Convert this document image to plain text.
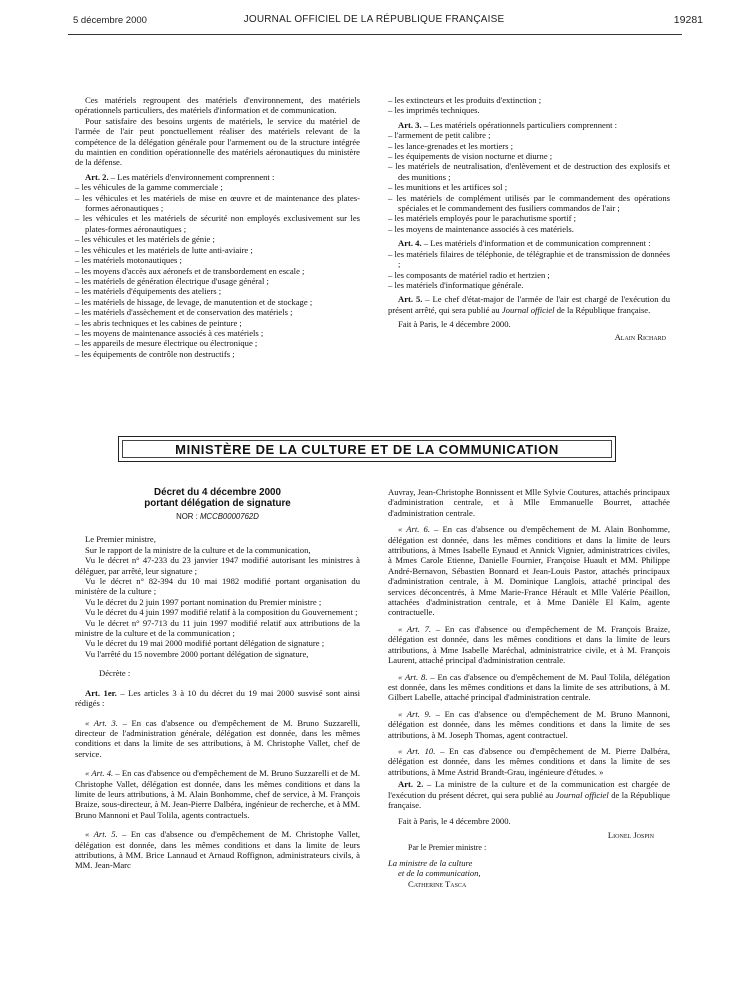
5 décembre 2000	JOURNAL OFFICIEL DE LA RÉPUBLIQUE FRANÇAISE	19281

Ces matériels regroupent des matériels d'environnement, des matériels opérationnels particuliers, des matériels d'information et de communication.

Pour satisfaire des besoins urgents de matériels, le service du matériel de l'armée de l'air peut ponctuellement réaliser des matériels relevant de la compétence de la délégation générale pour l'armement ou de la structure intégrée du maintien en condition opérationnelle des matériels aéronautiques du ministère de la défense.

Art. 2. – Les matériels d'environnement comprennent :

– les véhicules de la gamme commerciale ;

– les véhicules et les matériels de mise en œuvre et de maintenance des plates-formes aéronautiques ;

– les véhicules et les matériels de sécurité non employés exclusivement sur les plates-formes aéronautiques ;

– les véhicules et les matériels de génie ;

– les véhicules et les matériels de lutte anti-aviaire ;

– les matériels motonautiques ;

– les moyens d'accès aux aéronefs et de transbordement en escale ;

– les matériels de génération électrique d'usage général ;

– les matériels d'équipements des ateliers ;

– les matériels de hissage, de levage, de manutention et de stockage ;

– les matériels d'assèchement et de conservation des matériels ;

– les abris techniques et les cabines de peinture ;

– les moyens de maintenance associés à ces matériels ;

– les appareils de mesure électrique ou électronique ;

– les équipements de contrôle non destructifs ;

– les extincteurs et les produits d'extinction ;

– les imprimés techniques.

Art. 3. – Les matériels opérationnels particuliers comprennent :

– l'armement de petit calibre ;

– les lance-grenades et les mortiers ;

– les équipements de vision nocturne et diurne ;

– les matériels de neutralisation, d'enlèvement et de destruction des explosifs et des munitions ;

– les munitions et les artifices sol ;

– les matériels de complément utilisés par le commandement des opérations spéciales et le commandement des fusiliers commandos de l'air ;

– les matériels employés pour le parachutisme sportif ;

– les moyens de maintenance associés à ces matériels.

Art. 4. – Les matériels d'information et de communication comprennent :

– les matériels filaires de téléphonie, de télégraphie et de transmission de données ;

– les composants de matériel radio et hertzien ;

– les matériels d'informatique générale.

Art. 5. – Le chef d'état-major de l'armée de l'air est chargé de l'exécution du présent arrêté, qui sera publié au Journal officiel de la République française.

Fait à Paris, le 4 décembre 2000.

Alain Richard

MINISTÈRE DE LA CULTURE ET DE LA COMMUNICATION

Décret du 4 décembre 2000

portant délégation de signature

NOR : MCCB0000762D

Le Premier ministre,

Sur le rapport de la ministre de la culture et de la communication,

Vu le décret n° 47-233 du 23 janvier 1947 modifié autorisant les ministres à déléguer, par arrêté, leur signature ;

Vu le décret n° 82-394 du 10 mai 1982 modifié portant organisation du ministère de la culture ;

Vu le décret du 2 juin 1997 portant nomination du Premier ministre ;

Vu le décret du 4 juin 1997 modifié relatif à la composition du Gouvernement ;

Vu le décret n° 97-713 du 11 juin 1997 modifié relatif aux attributions de la ministre de la culture et de la communication ;

Vu le décret du 19 mai 2000 modifié portant délégation de signature ;

Vu l'arrêté du 15 novembre 2000 portant délégation de signature,

Décrète :

Art. 1er. – Les articles 3 à 10 du décret du 19 mai 2000 susvisé sont ainsi rédigés :

« Art. 3. – En cas d'absence ou d'empêchement de M. Bruno Suzzarelli, directeur de l'administration générale, délégation est donnée, dans les mêmes conditions et dans la limite de ses attributions, à M. Christophe Vallet, chef de service.

« Art. 4. – En cas d'absence ou d'empêchement de M. Bruno Suzzarelli et de M. Christophe Vallet, délégation est donnée, dans les mêmes conditions et dans la limite de leurs attributions, à M. Alain Bonhomme, chef de service, à M. François Braize, sous-directeur, à M. Jean-Pierre Dalbéra, ingénieur de recherche, et à MM. Bruno Mannoni et Paul Tolila, agents contractuels.

« Art. 5. – En cas d'absence ou d'empêchement de M. Christophe Vallet, délégation est donnée, dans les mêmes conditions et dans la limite de leurs attributions, à MM. Brice Lannaud et Arnaud Roffignon, administrateurs civils, à MM. Jean-Marc

Auvray, Jean-Christophe Bonnissent et Mlle Sylvie Coutures, attachés principaux d'administration centrale, et à Mlle Emmanuelle Bourret, attachée d'administration centrale.

« Art. 6. – En cas d'absence ou d'empêchement de M. Alain Bonhomme, délégation est donnée, dans les mêmes conditions et dans la limite de leurs attributions, à Mmes Isabelle Eynaud et Annick Vignier, administratrices civiles, à Mmes Carole Etienne, Danielle Fournier, Françoise Huault et MM. Philippe André-Bernavon, Sébastien Bonnard et Jean-Louis Pastor, attachés principaux d'administration centrale, à M. Dominique Langlois, attaché principal des services déconcentrés, à Mme Marie-France Hérault et Mlle Valérie Péaillon, attachées d'administration centrale, et à Mme Danièle El Kaïm, agente contractuelle.

« Art. 7. – En cas d'absence ou d'empêchement de M. François Braize, délégation est donnée, dans les mêmes conditions et dans la limite de leurs attributions, à Mme Isabelle Maréchal, administratrice civile, et à M. François Laurent, attaché principal d'administration centrale.

« Art. 8. – En cas d'absence ou d'empêchement de M. Paul Tolila, délégation est donnée, dans les mêmes conditions et dans la limite de ses attributions, à M. Gilbert Labelle, attaché principal d'administration centrale.

« Art. 9. – En cas d'absence ou d'empêchement de M. Bruno Mannoni, délégation est donnée, dans les mêmes conditions et dans la limite de ses attributions, à M. Joseph Thomas, agent contractuel.

« Art. 10. – En cas d'absence ou d'empêchement de M. Pierre Dalbéra, délégation est donnée, dans les mêmes conditions et dans la limite de ses attributions, à Mme Astrid Brandt-Grau, ingénieure d'études. »

Art. 2. – La ministre de la culture et de la communication est chargée de l'exécution du présent décret, qui sera publié au Journal officiel de la République française.

Fait à Paris, le 4 décembre 2000.

Lionel Jospin

Par le Premier ministre :

La ministre de la culture

et de la communication,

Catherine Tasca
